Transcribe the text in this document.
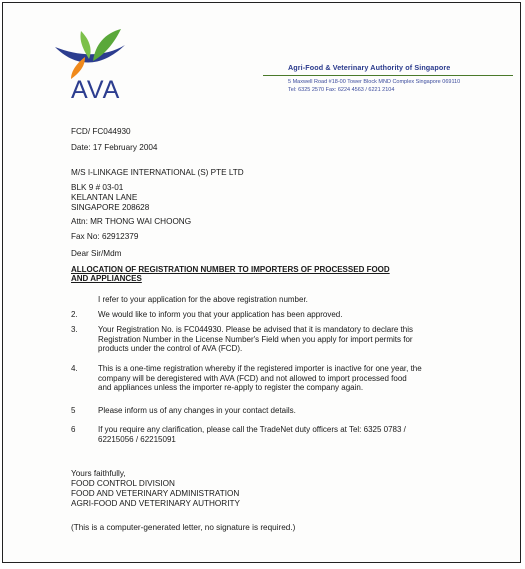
AVA
Agri-Food & Veterinary Authority of Singapore
5 Maxwell Road #18-00 Tower Block MND Complex Singapore 069110
Tel: 6325 2570 Fax: 6224 4563 / 6221 2104
FCD/ FC044930
Date: 17 February 2004
M/S I-LINKAGE INTERNATIONAL (S) PTE LTD
BLK 9 # 03-01
KELANTAN LANE
SINGAPORE 208628
Attn: MR THONG WAI CHOONG
Fax No: 62912379
Dear Sir/Mdm
ALLOCATION OF REGISTRATION NUMBER TO IMPORTERS OF PROCESSED FOOD
AND APPLIANCES
I refer to your application for the above registration number.
2.	We would like to inform you that your application has been approved.
3.	Your Registration No. is FC044930. Please be advised that it is mandatory to declare this
Registration Number in the License Number's Field when you apply for import permits for
products under the control of AVA (FCD).
4.	This is a one-time registration whereby if the registered importer is inactive for one year, the
company will be deregistered with AVA (FCD) and not allowed to import processed food
and appliances unless the importer re-apply to register the company again.
5	Please inform us of any changes in your contact details.
6	If you require any clarification, please call the TradeNet duty officers at Tel: 6325 0783 /
62215056 / 62215091
Yours faithfully,
FOOD CONTROL DIVISION
FOOD AND VETERINARY ADMINISTRATION
AGRI-FOOD AND VETERINARY AUTHORITY
(This is a computer-generated letter, no signature is required.)
